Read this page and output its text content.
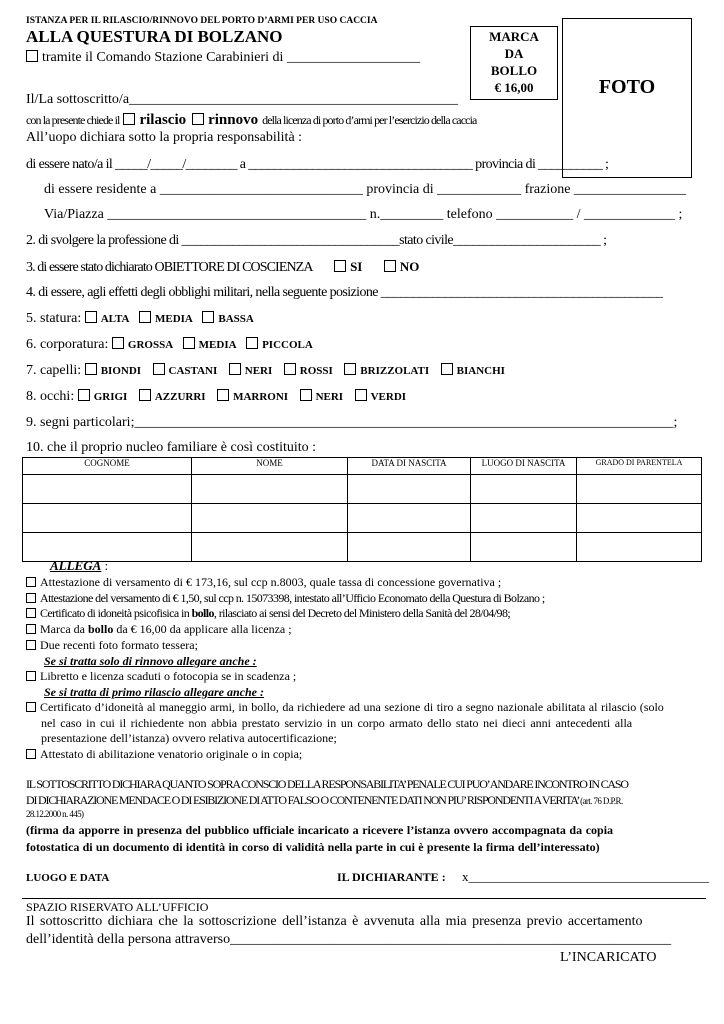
ISTANZA PER IL RILASCIO/RINNOVO DEL PORTO D’ARMI PER USO CACCIA
ALLA QUESTURA DI BOLZANO
tramite il Comando Stazione Carabinieri di ___________________
MARCA
DA
BOLLO
€ 16,00	FOTO
Il/La sottoscritto/a_______________________________________________
con la presente chiede il rilascio rinnovo della licenza di porto d’armi per l’esercizio della caccia
All’uopo dichiara sotto la propria responsabilità :
di essere nato/a il _____/_____/________ a ___________________________________ provincia di __________ ;
di essere residente a _____________________________ provincia di ____________ frazione ________________
Via/Piazza _____________________________________ n._________ telefono ___________ / _____________ ;
2. di svolgere la professione di __________________________________stato civile_______________________ ;
3. di essere stato dichiarato OBIETTORE DI COSCIENZA	SI	NO
4. di essere, agli effetti degli obblighi militari, nella seguente posizione ____________________________________________
5. statura: ALTA MEDIA BASSA
6. corporatura: GROSSA MEDIA PICCOLA
7. capelli: BIONDI	CASTANI	NERI	ROSSI	BRIZZOLATI	BIANCHI
8. occhi: GRIGI	AZZURRI	MARRONI	NERI	VERDI
9. segni particolari;_____________________________________________________________________________;
10. che il proprio nucleo familiare è così costituito :
COGNOME	NOME	DATA DI NASCITA	LUOGO DI NASCITA	GRADO DI PARENTELA

ALLEGA :
Attestazione di versamento di € 173,16, sul ccp n.8003, quale tassa di concessione governativa ;
Attestazione del versamento di € 1,50, sul ccp n. 15073398, intestato all’Ufficio Economato della Questura di Bolzano ;
Certificato di idoneità psicofisica in bollo, rilasciato ai sensi del Decreto del Ministero della Sanità del 28/04/98;
Marca da bollo da € 16,00 da applicare alla licenza ;
Due recenti foto formato tessera;
Se si tratta solo di rinnovo allegare anche :
Libretto e licenza scaduti o fotocopia se in scadenza ;
Se si tratta di primo rilascio allegare anche :
Certificato d’idoneità al maneggio armi, in bollo, da richiedere ad una sezione di tiro a segno nazionale abilitata al rilascio (solo
nel caso in cui il richiedente non abbia prestato servizio in un corpo armato dello stato nei dieci anni antecedenti alla
presentazione dell’istanza) ovvero relativa autocertificazione;
Attestato di abilitazione venatorio originale o in copia;
IL SOTTOSCRITTO DICHIARA QUANTO SOPRA CONSCIO DELLA RESPONSABILITA’ PENALE CUI PUO’ ANDARE INCONTRO IN CASO
DI DICHIARAZIONE MENDACE O DI ESIBIZIONE DI ATTO FALSO O CONTENENTE DATI NON PIU’ RISPONDENTI A VERITA’ (art. 76 D.P.R.
28.12.2000 n. 445)
(firma da apporre in presenza del pubblico ufficiale incaricato a ricevere l’istanza ovvero accompagnata da copia
fotostatica di un documento di identità in corso di validità nella parte in cui è presente la firma dell’interessato)
LUOGO E DATA	IL DICHIARANTE : x_____________________________________
SPAZIO RISERVATO ALL’UFFICIO
Il sottoscritto dichiara che la sottoscrizione dell’istanza è avvenuta alla mia presenza previo accertamento
dell’identità della persona attraverso_______________________________________________________________
L’INCARICATO
